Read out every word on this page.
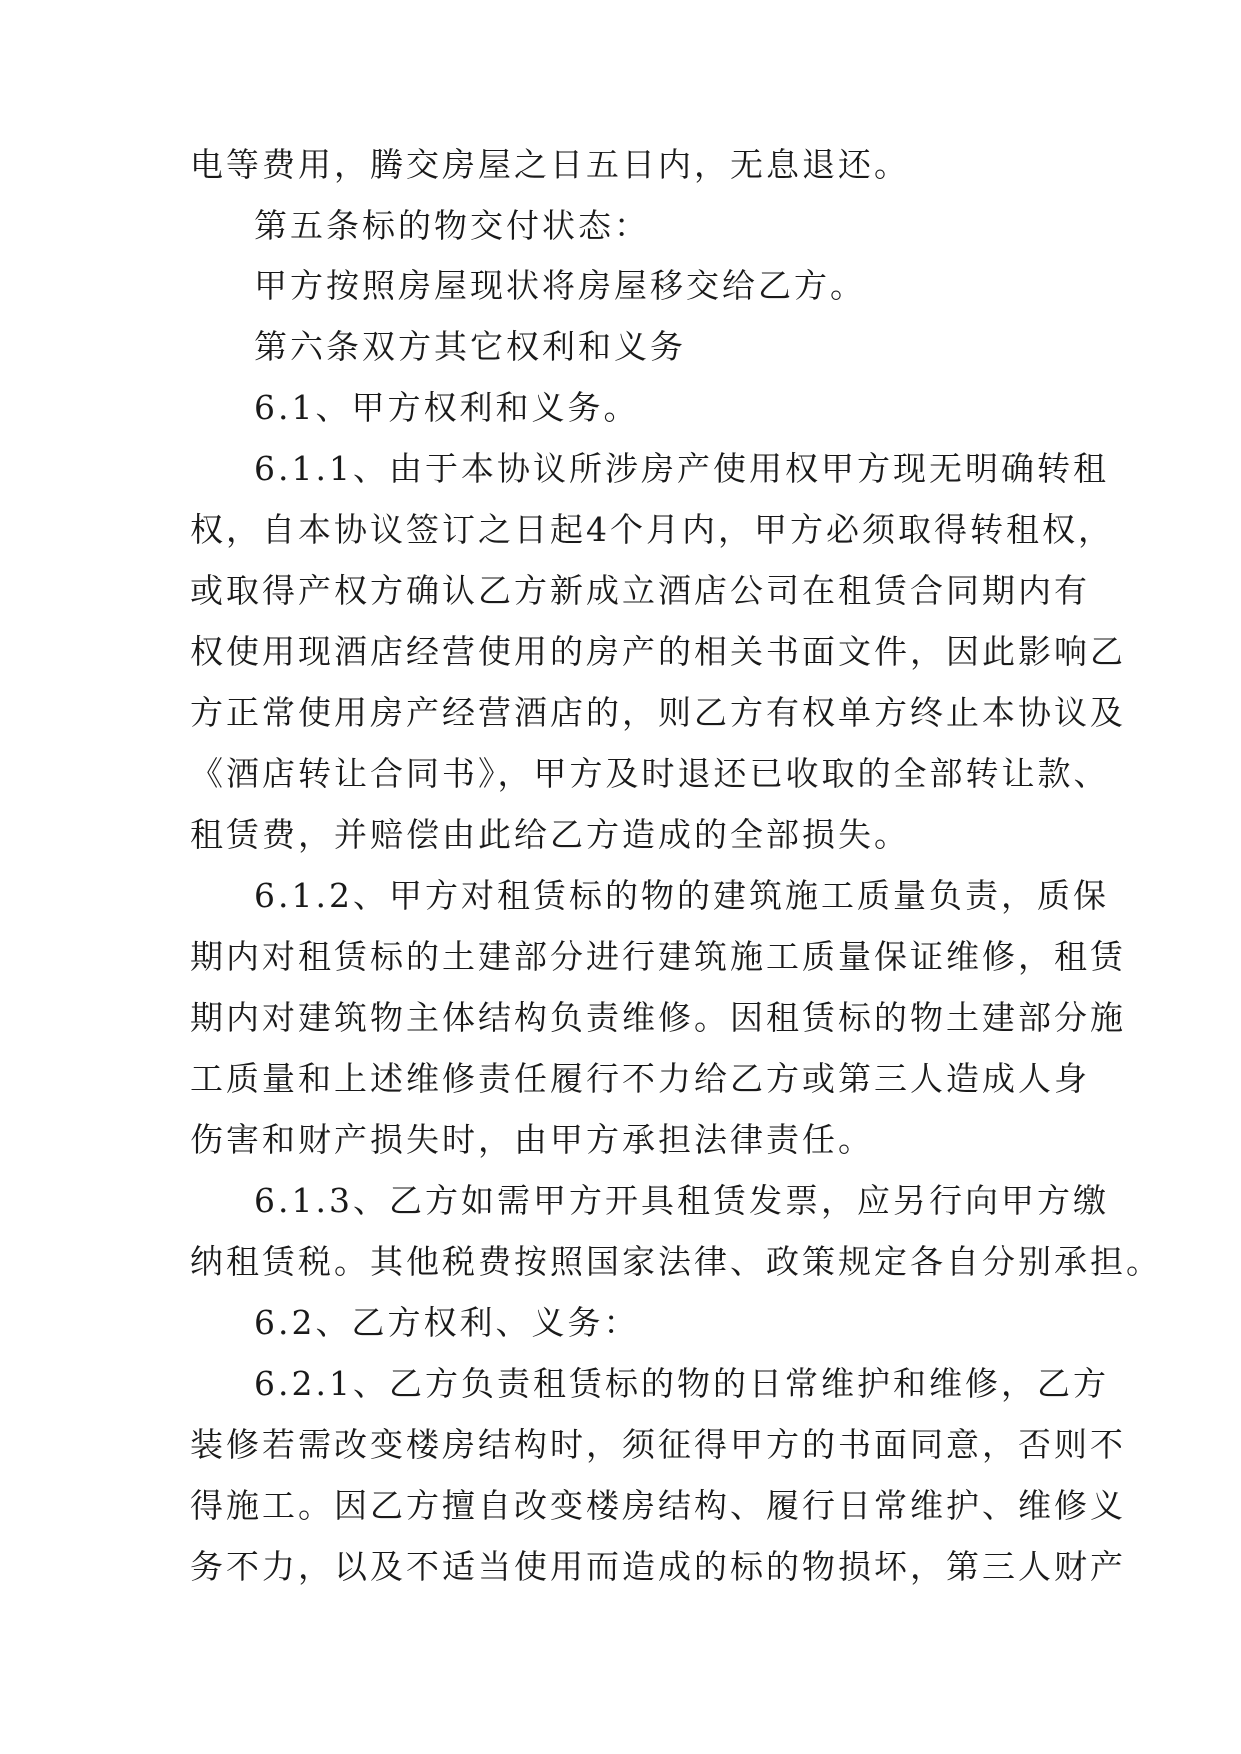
电等费用，腾交房屋之日五日内，无息退还。
第五条标的物交付状态：
甲方按照房屋现状将房屋移交给乙方。
第六条双方其它权利和义务
6.1、甲方权利和义务。
6.1.1、由于本协议所涉房产使用权甲方现无明确转租
权，自本协议签订之日起4个月内，甲方必须取得转租权，
或取得产权方确认乙方新成立酒店公司在租赁合同期内有
权使用现酒店经营使用的房产的相关书面文件，因此影响乙
方正常使用房产经营酒店的，则乙方有权单方终止本协议及
《酒店转让合同书》，甲方及时退还已收取的全部转让款、
租赁费，并赔偿由此给乙方造成的全部损失。
6.1.2、甲方对租赁标的物的建筑施工质量负责，质保
期内对租赁标的土建部分进行建筑施工质量保证维修，租赁
期内对建筑物主体结构负责维修。因租赁标的物土建部分施
工质量和上述维修责任履行不力给乙方或第三人造成人身
伤害和财产损失时，由甲方承担法律责任。
6.1.3、乙方如需甲方开具租赁发票，应另行向甲方缴
纳租赁税。其他税费按照国家法律、政策规定各自分别承担。
6.2、乙方权利、义务：
6.2.1、乙方负责租赁标的物的日常维护和维修，乙方
装修若需改变楼房结构时，须征得甲方的书面同意，否则不
得施工。因乙方擅自改变楼房结构、履行日常维护、维修义
务不力，以及不适当使用而造成的标的物损坏，第三人财产
